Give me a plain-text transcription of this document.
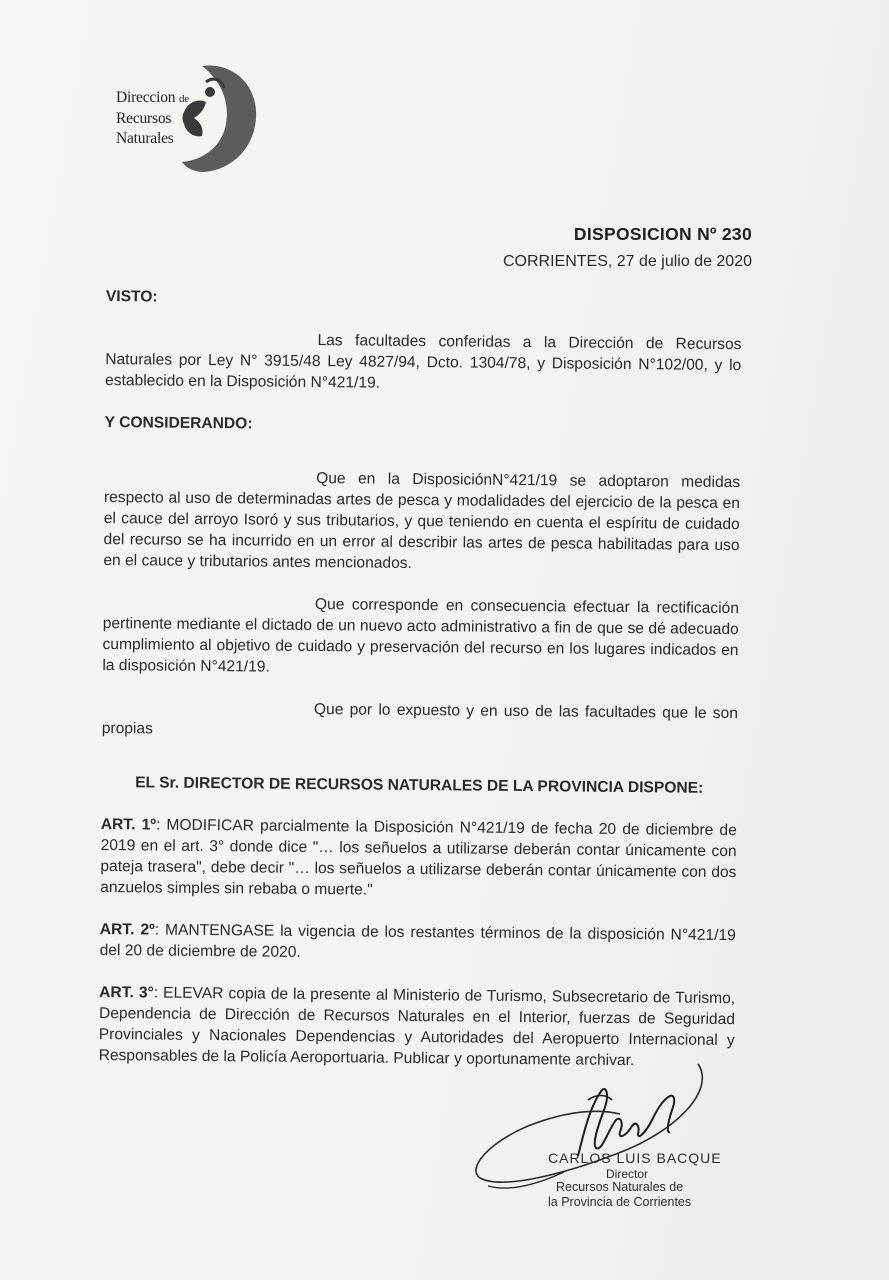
Direccion de
Recursos
Naturales
DISPOSICION Nº 230
CORRIENTES, 27 de julio de 2020

VISTO:

Las facultades conferidas a la Dirección de Recursos Naturales por Ley N° 3915/48 Ley 4827/94, Dcto. 1304/78, y Disposición N°102/00, y lo establecido en la Disposición N°421/19.

Y CONSIDERANDO:

Que en la DisposiciónN°421/19 se adoptaron medidas respecto al uso de determinadas artes de pesca y modalidades del ejercicio de la pesca en el cauce del arroyo Isoró y sus tributarios, y que teniendo en cuenta el espíritu de cuidado del recurso se ha incurrido en un error al describir las artes de pesca habilitadas para uso en el cauce y tributarios antes mencionados.

Que corresponde en consecuencia efectuar la rectificación pertinente mediante el dictado de un nuevo acto administrativo a fin de que se dé adecuado cumplimiento al objetivo de cuidado y preservación del recurso en los lugares indicados en la disposición N°421/19.

Que por lo expuesto y en uso de las facultades que le son propias

EL Sr. DIRECTOR DE RECURSOS NATURALES DE LA PROVINCIA DISPONE:

ART. 1º: MODIFICAR parcialmente la Disposición N°421/19 de fecha 20 de diciembre de 2019 en el art. 3° donde dice "… los señuelos a utilizarse deberán contar únicamente con pateja trasera", debe decir "… los señuelos a utilizarse deberán contar únicamente con dos anzuelos simples sin rebaba o muerte."

ART. 2º: MANTENGASE la vigencia de los restantes términos de la disposición N°421/19 del 20 de diciembre de 2020.

ART. 3°: ELEVAR copia de la presente al Ministerio de Turismo, Subsecretario de Turismo, Dependencia de Dirección de Recursos Naturales en el Interior, fuerzas de Seguridad Provinciales y Nacionales Dependencias y Autoridades del Aeropuerto Internacional y Responsables de la Policía Aeroportuaria. Publicar y oportunamente archivar.

CARLOS LUIS BACQUE
Director
Recursos Naturales de
la Provincia de Corrientes
